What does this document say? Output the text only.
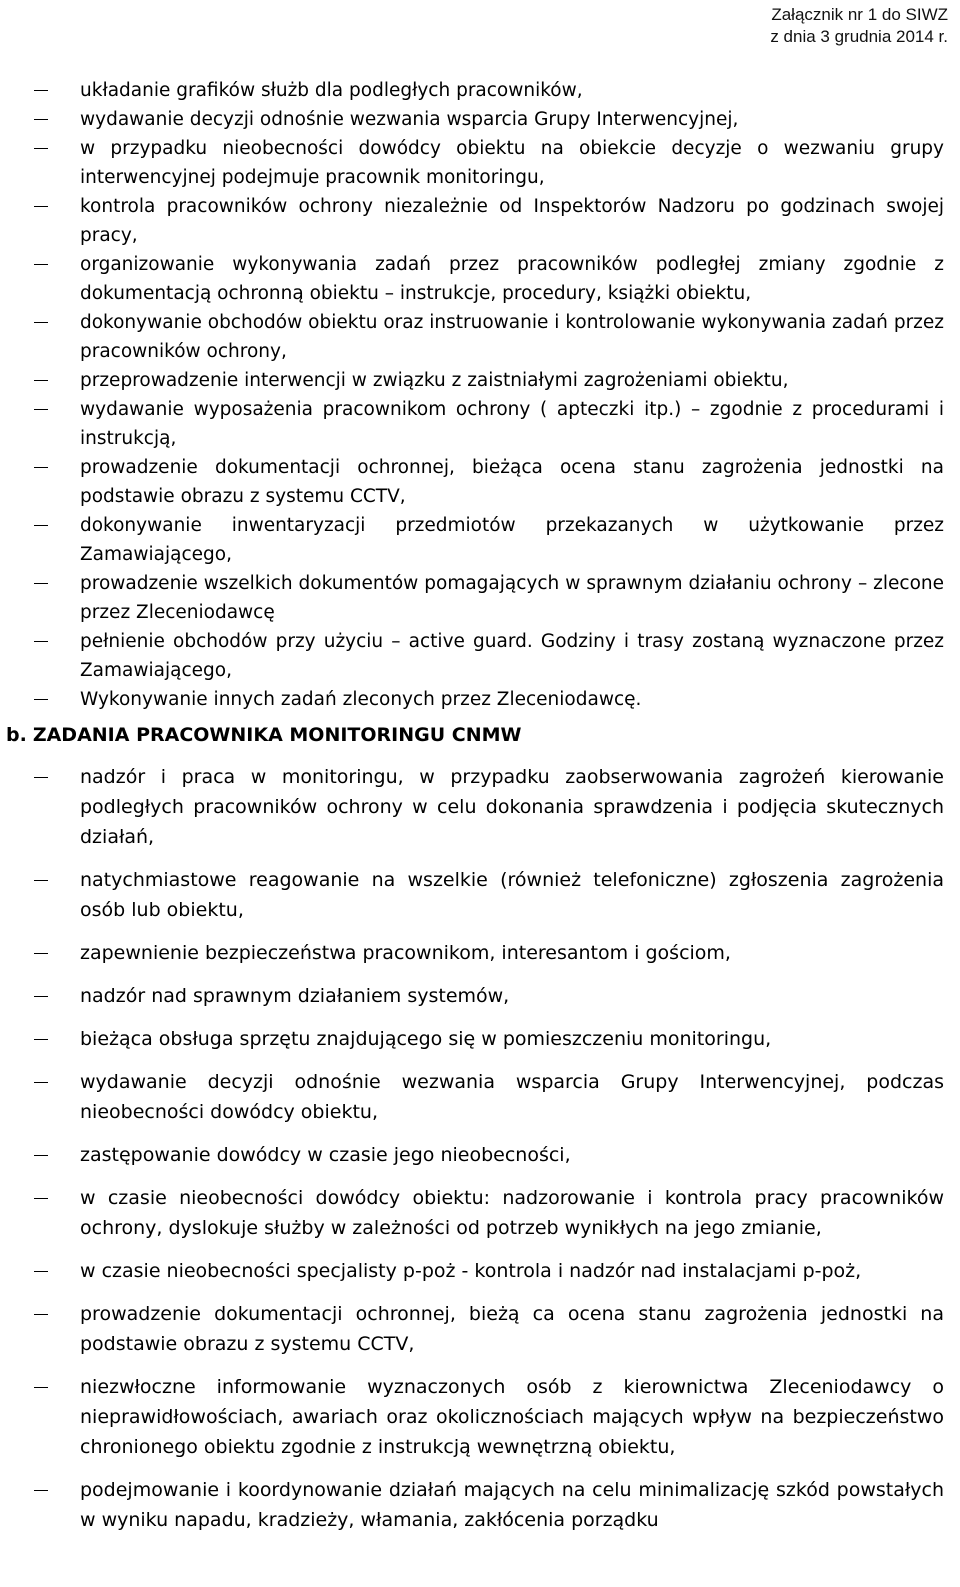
Załącznik nr 1 do SIWZ
z dnia 3 grudnia 2014 r.
układanie grafików służb dla podległych pracowników,
wydawanie decyzji odnośnie wezwania wsparcia Grupy Interwencyjnej,
w przypadku nieobecności dowódcy obiektu na obiekcie decyzje o wezwaniu grupy interwencyjnej podejmuje pracownik monitoringu,
kontrola pracowników ochrony niezależnie od Inspektorów Nadzoru po godzinach swojej pracy,
organizowanie wykonywania zadań przez pracowników podległej zmiany zgodnie z dokumentacją ochronną obiektu – instrukcje, procedury, książki obiektu,
dokonywanie obchodów obiektu oraz instruowanie i kontrolowanie wykonywania zadań przez pracowników ochrony,
przeprowadzenie interwencji w związku z zaistniałymi zagrożeniami obiektu,
wydawanie wyposażenia pracownikom ochrony ( apteczki itp.) – zgodnie z procedurami i instrukcją,
prowadzenie dokumentacji ochronnej, bieżąca ocena stanu zagrożenia jednostki na podstawie obrazu z systemu CCTV,
dokonywanie inwentaryzacji przedmiotów przekazanych w użytkowanie przez Zamawiającego,
prowadzenie wszelkich dokumentów pomagających w sprawnym działaniu ochrony – zlecone przez Zleceniodawcę
pełnienie obchodów przy użyciu – active guard. Godziny i trasy zostaną wyznaczone przez Zamawiającego,
Wykonywanie innych zadań zleconych przez Zleceniodawcę.
b. ZADANIA PRACOWNIKA MONITORINGU CNMW
nadzór i praca w monitoringu, w przypadku zaobserwowania zagrożeń kierowanie podległych pracowników ochrony w celu dokonania sprawdzenia i podjęcia skutecznych działań,
natychmiastowe reagowanie na wszelkie (również telefoniczne) zgłoszenia zagrożenia osób lub obiektu,
zapewnienie bezpieczeństwa pracownikom, interesantom i gościom,
nadzór nad sprawnym działaniem systemów,
bieżąca obsługa sprzętu znajdującego się w pomieszczeniu monitoringu,
wydawanie decyzji odnośnie wezwania wsparcia Grupy Interwencyjnej, podczas nieobecności dowódcy obiektu,
zastępowanie dowódcy w czasie jego nieobecności,
w czasie nieobecności dowódcy obiektu: nadzorowanie i kontrola pracy pracowników ochrony, dyslokuje służby w zależności od potrzeb wynikłych na jego zmianie,
w czasie nieobecności specjalisty p-poż - kontrola i nadzór nad instalacjami p-poż,
prowadzenie dokumentacji ochronnej, bieżą ca ocena stanu zagrożenia jednostki na podstawie obrazu z systemu CCTV,
niezwłoczne informowanie wyznaczonych osób z kierownictwa Zleceniodawcy o nieprawidłowościach, awariach oraz okolicznościach mających wpływ na bezpieczeństwo chronionego obiektu zgodnie z instrukcją wewnętrzną obiektu,
podejmowanie i koordynowanie działań mających na celu minimalizację szkód powstałych w wyniku napadu, kradzieży, włamania, zakłócenia porządku
